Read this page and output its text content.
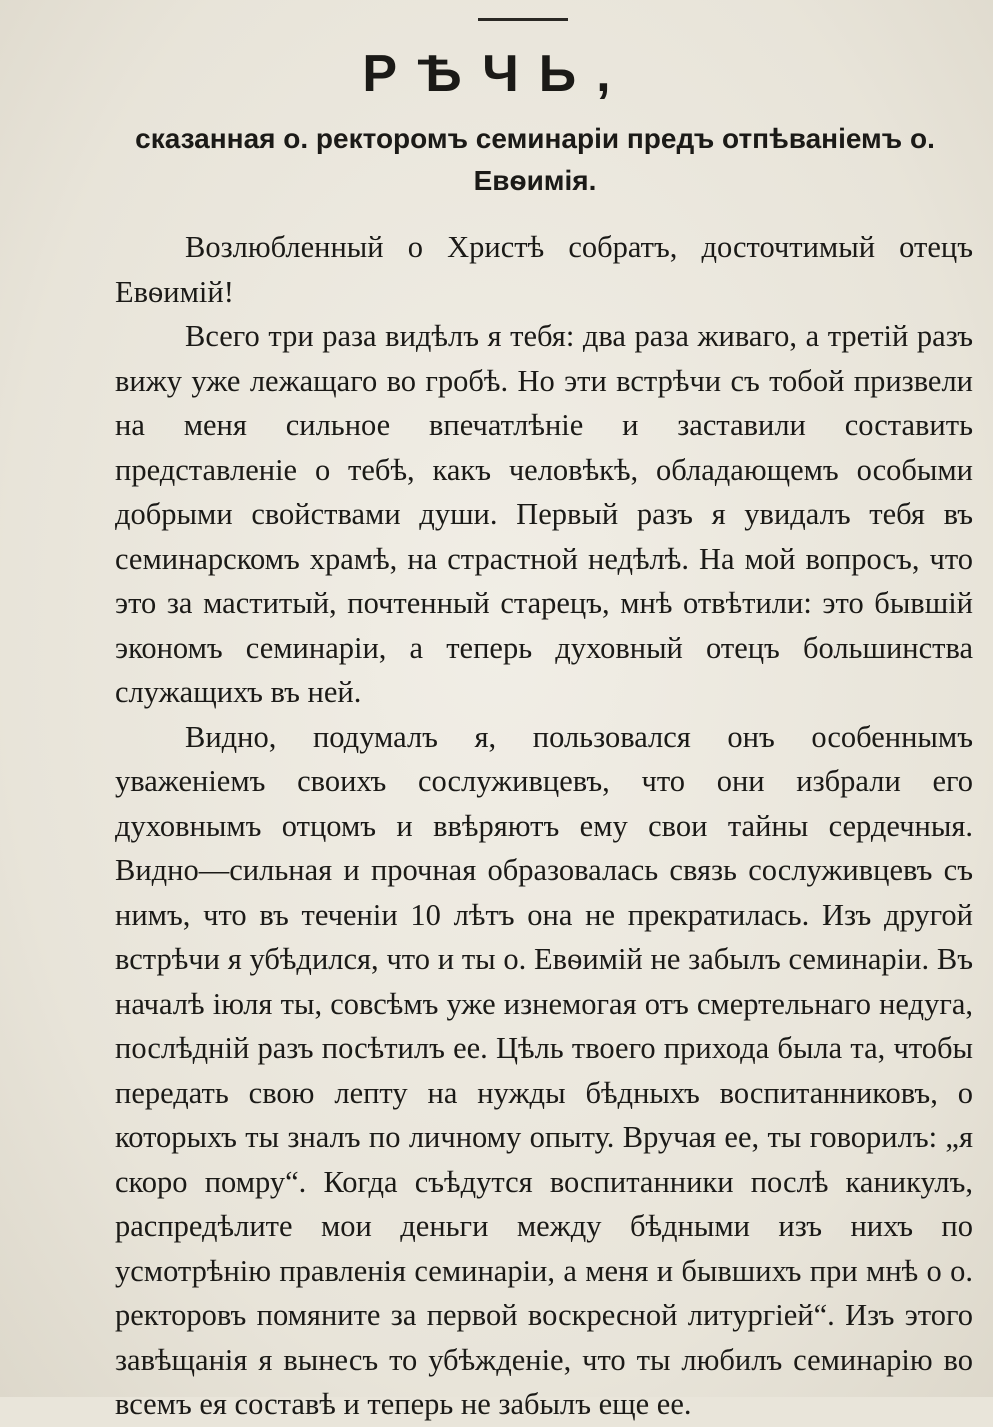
РѢЧЬ,
сказанная о. ректоромъ семинаріи предъ отпѣваніемъ о. Евѳимія.

Возлюбленный о Христѣ собратъ, досточтимый отецъ Евѳимій!

Всего три раза видѣлъ я тебя: два раза живаго, а третій разъ вижу уже лежащаго во гробѣ. Но эти встрѣчи съ тобой призвели на меня сильное впечатлѣніе и заставили составить представленіе о тебѣ, какъ человѣкѣ, обладающемъ особыми добрыми свойствами души. Первый разъ я увидалъ тебя въ семинарскомъ храмѣ, на страстной недѣлѣ. На мой вопросъ, что это за маститый, почтенный старецъ, мнѣ отвѣтили: это бывшій экономъ семинаріи, а теперь духовный отецъ большинства служащихъ въ ней.

Видно, подумалъ я, пользовался онъ особеннымъ уваженіемъ своихъ сослуживцевъ, что они избрали его духовнымъ отцомъ и ввѣряютъ ему свои тайны сердечныя. Видно—сильная и прочная образовалась связь сослуживцевъ съ нимъ, что въ теченіи 10 лѣтъ она не прекратилась. Изъ другой встрѣчи я убѣдился, что и ты о. Евѳимій не забылъ семинаріи. Въ началѣ іюля ты, совсѣмъ уже изнемогая отъ смертельнаго недуга, послѣдній разъ посѣтилъ ее. Цѣль твоего прихода была та, чтобы передать свою лепту на нужды бѣдныхъ воспитанниковъ, о которыхъ ты зналъ по личному опыту. Вручая ее, ты говорилъ: „я скоро помру“. Когда съѣдутся воспитанники послѣ каникулъ, распредѣлите мои деньги между бѣдными изъ нихъ по усмотрѣнію правленія семинаріи, а меня и бывшихъ при мнѣ о о. ректоровъ помяните за первой воскресной литургіей“. Изъ этого завѣщанія я вынесъ то убѣжденіе, что ты любилъ семинарію во всемъ ея составѣ и теперь не забылъ еще ее.
